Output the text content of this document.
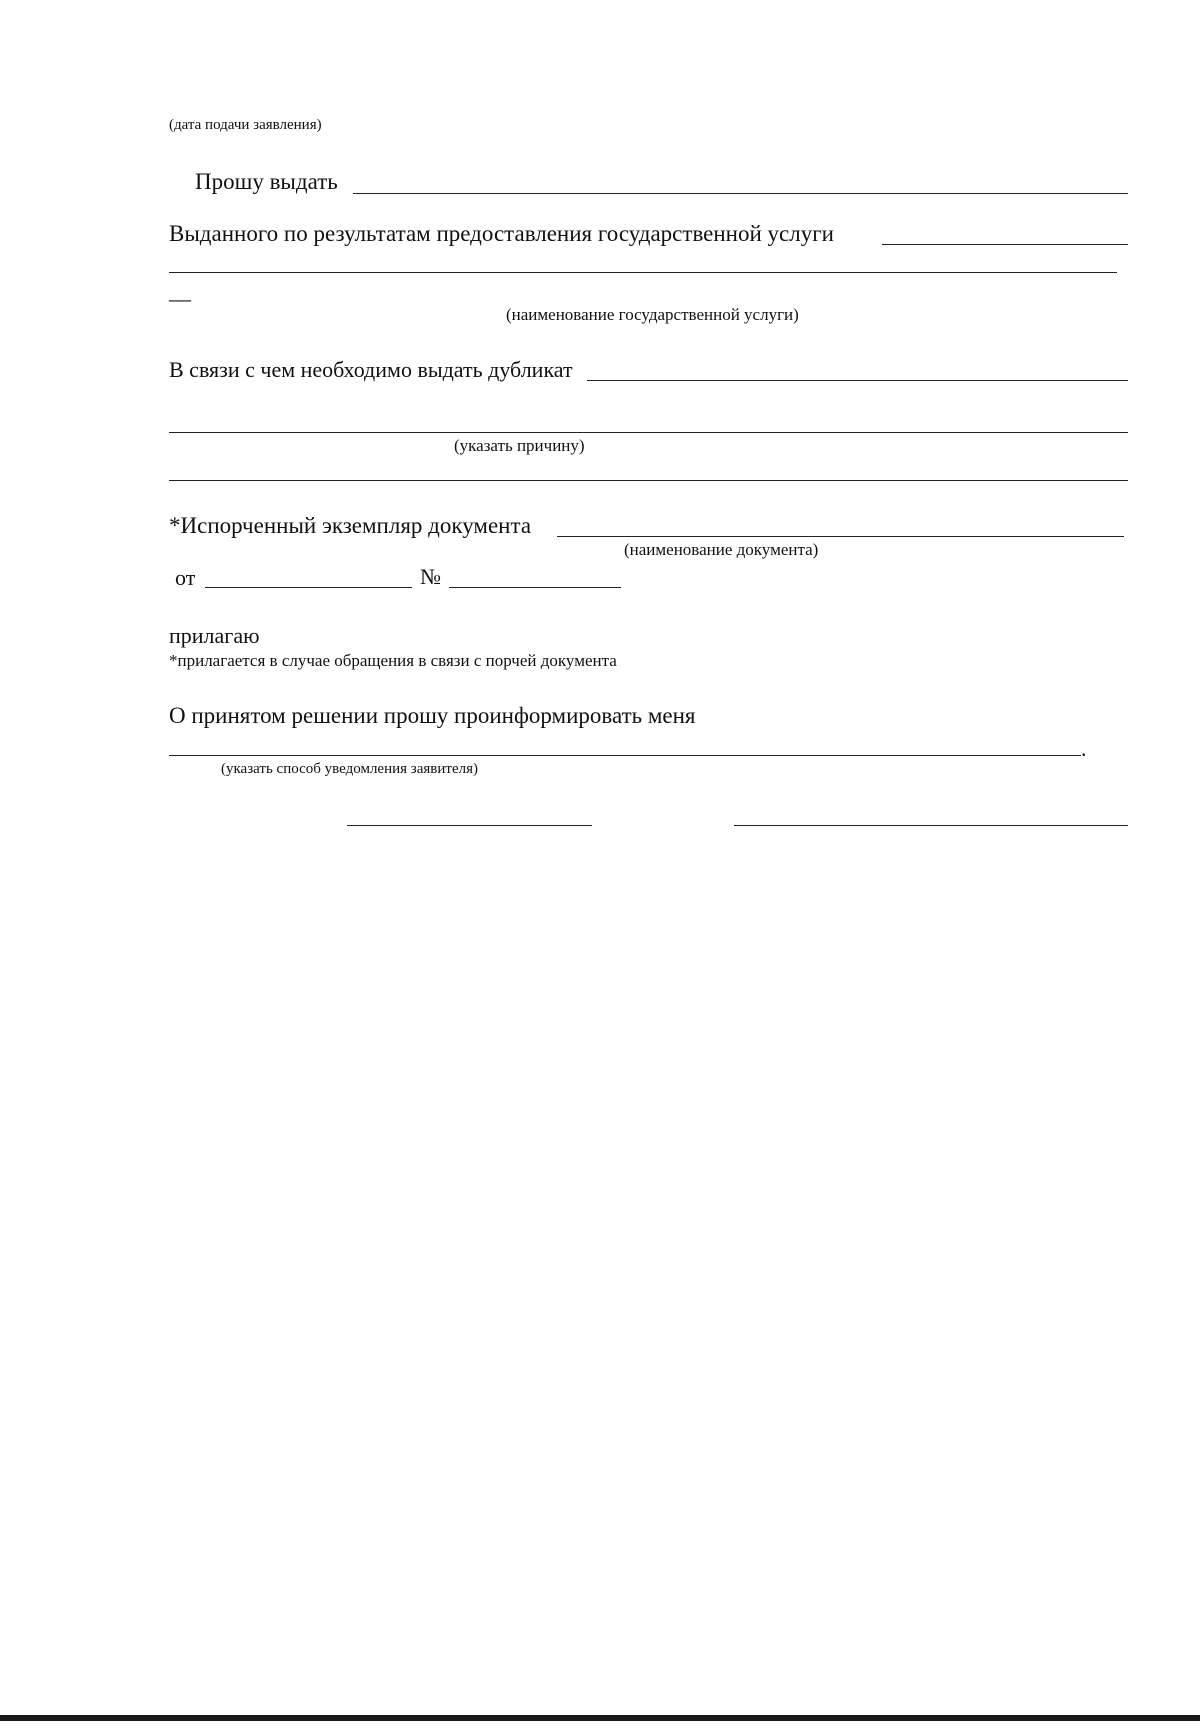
(дата подачи заявления)
Прошу выдать
Выданного по результатам предоставления государственной услуги
—
(наименование государственной услуги)
В связи с чем необходимо выдать дубликат
(указать причину)
*Испорченный экземпляр документа
(наименование документа)
от	№
прилагаю
*прилагается в случае обращения в связи с порчей документа
О принятом решении прошу проинформировать меня
.
(указать способ уведомления заявителя)
